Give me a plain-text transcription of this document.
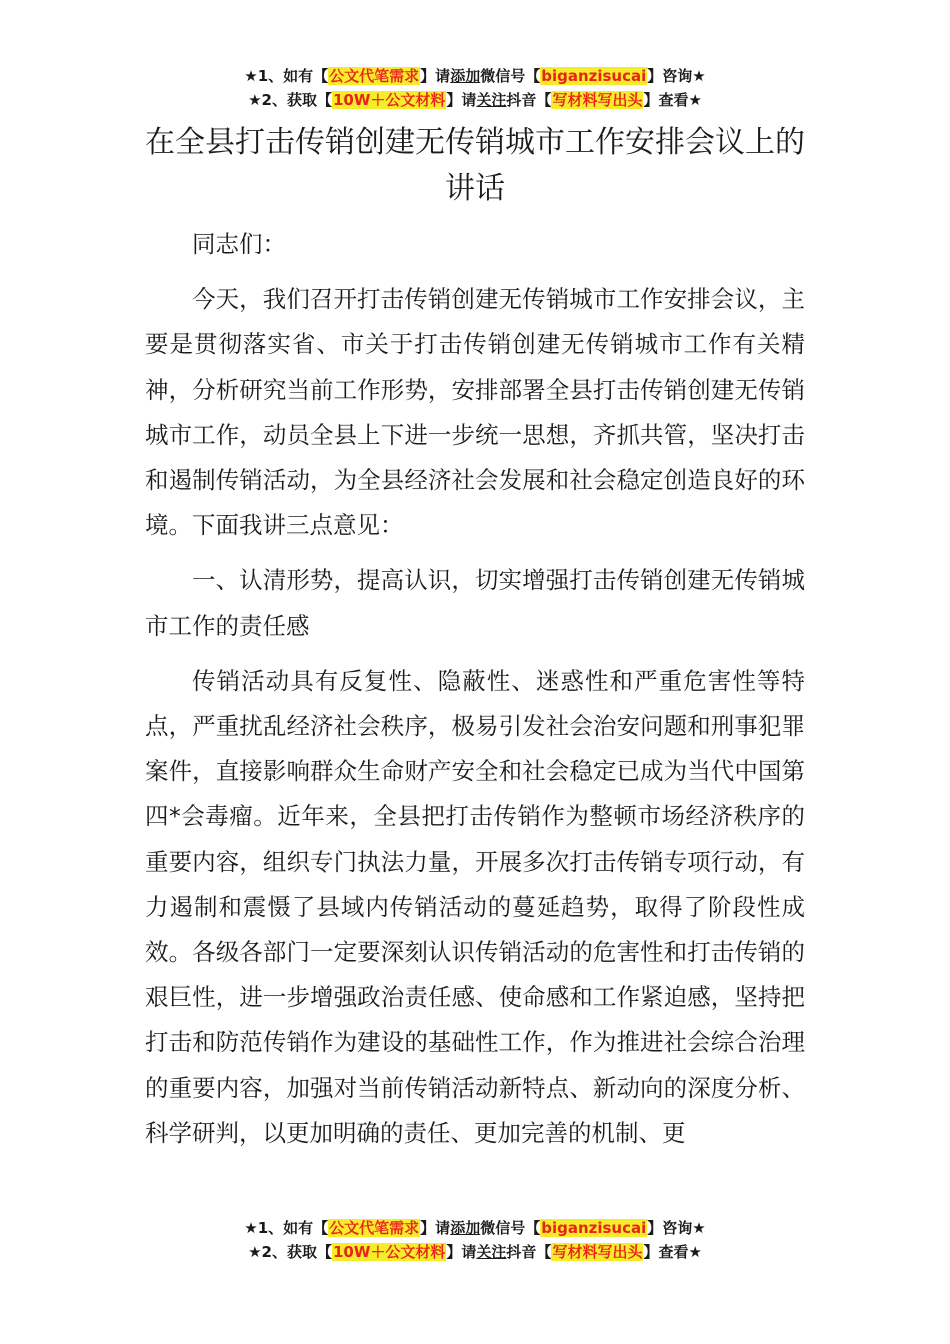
★1、如有【公文代笔需求】请添加微信号【biganzisucai】咨询★
★2、获取【10W＋公文材料】请关注抖音【写材料写出头】查看★
在全县打击传销创建无传销城市工作安排会议上的讲话

同志们：

今天，我们召开打击传销创建无传销城市工作安排会议，主要是贯彻落实省、市关于打击传销创建无传销城市工作有关精神，分析研究当前工作形势，安排部署全县打击传销创建无传销城市工作，动员全县上下进一步统一思想，齐抓共管，坚决打击和遏制传销活动，为全县经济社会发展和社会稳定创造良好的环境。下面我讲三点意见：

一、认清形势，提高认识，切实增强打击传销创建无传销城市工作的责任感

传销活动具有反复性、隐蔽性、迷惑性和严重危害性等特点，严重扰乱经济社会秩序，极易引发社会治安问题和刑事犯罪案件，直接影响群众生命财产安全和社会稳定已成为当代中国第四*会毒瘤。近年来，全县把打击传销作为整顿市场经济秩序的重要内容，组织专门执法力量，开展多次打击传销专项行动，有力遏制和震慑了县域内传销活动的蔓延趋势，取得了阶段性成效。各级各部门一定要深刻认识传销活动的危害性和打击传销的艰巨性，进一步增强政治责任感、使命感和工作紧迫感，坚持把打击和防范传销作为建设的基础性工作，作为推进社会综合治理的重要内容，加强对当前传销活动新特点、新动向的深度分析、科学研判，以更加明确的责任、更加完善的机制、更

★1、如有【公文代笔需求】请添加微信号【biganzisucai】咨询★
★2、获取【10W＋公文材料】请关注抖音【写材料写出头】查看★
